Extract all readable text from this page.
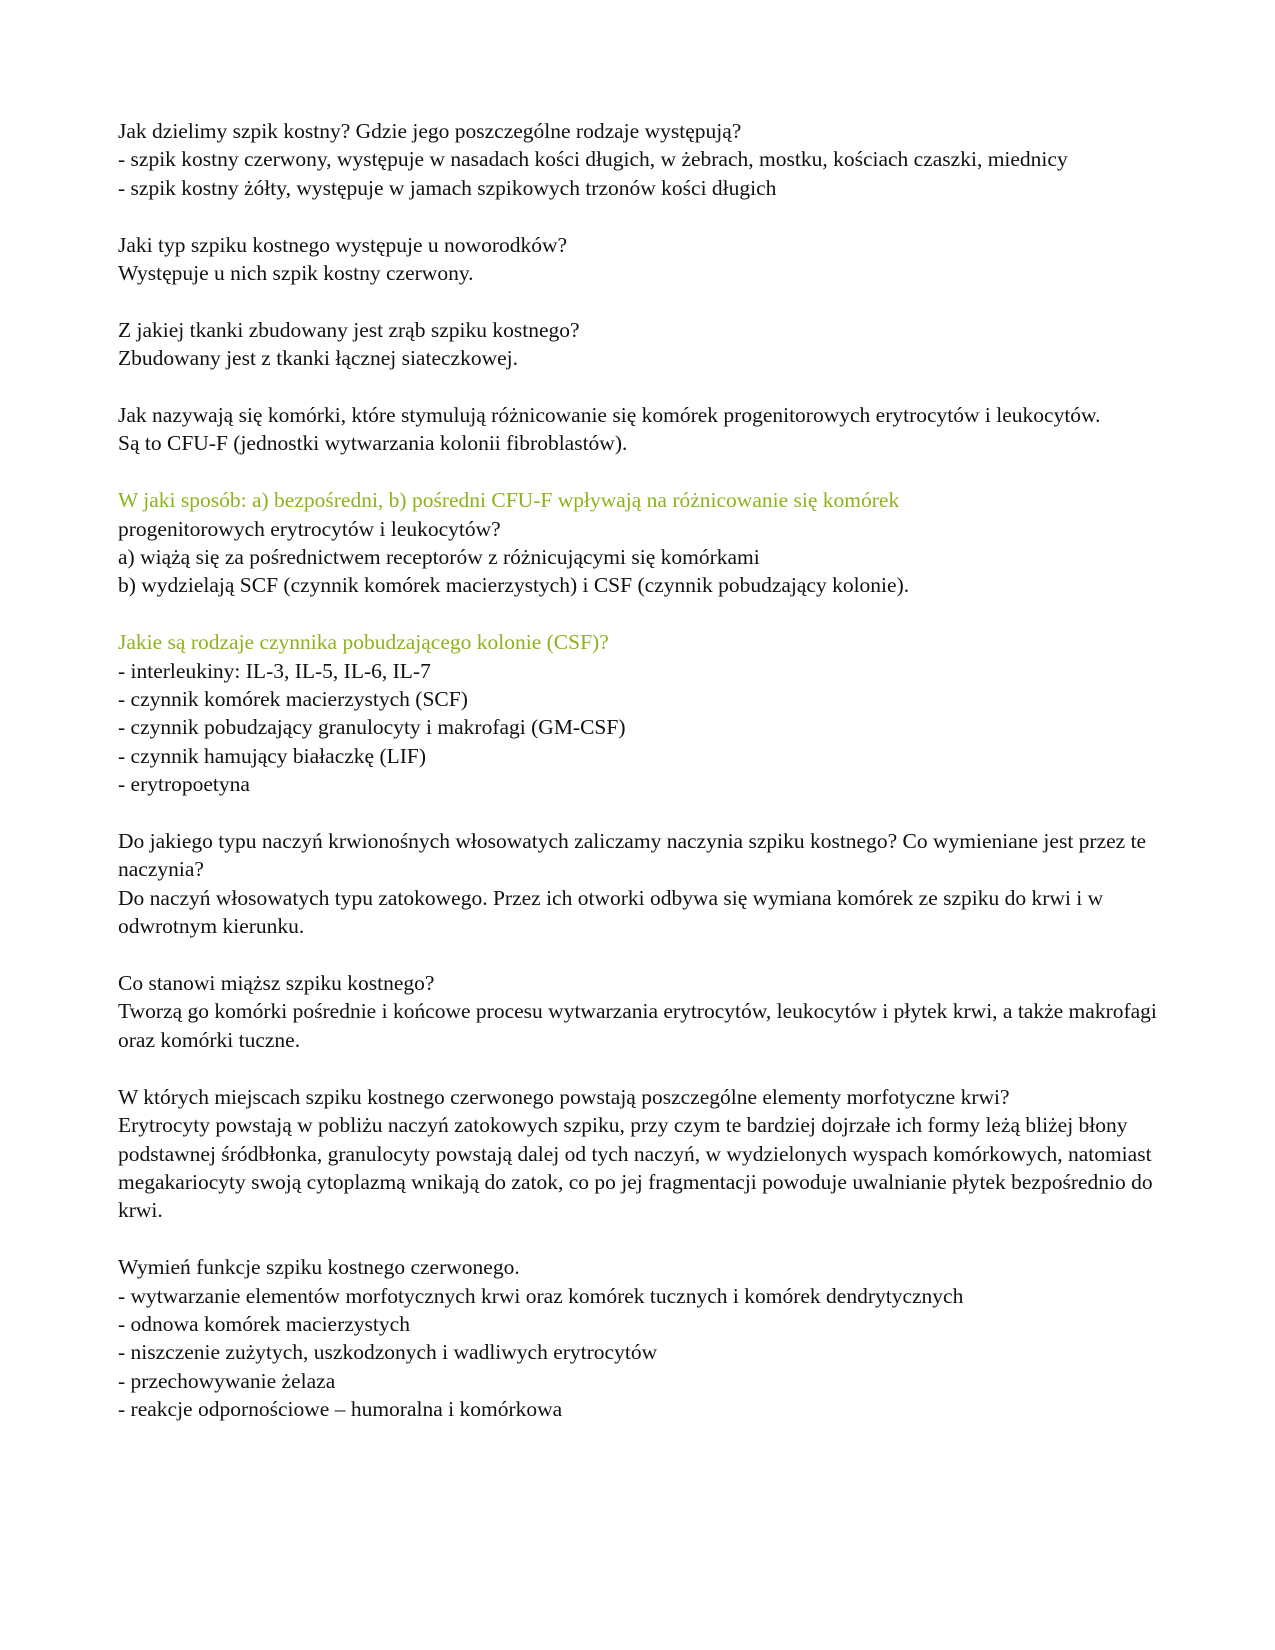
Jak dzielimy szpik kostny? Gdzie jego poszczególne rodzaje występują?
- szpik kostny czerwony, występuje w nasadach kości długich, w żebrach, mostku, kościach czaszki, miednicy
- szpik kostny żółty, występuje w jamach szpikowych trzonów kości długich
Jaki typ szpiku kostnego występuje u noworodków?
Występuje u nich szpik kostny czerwony.
Z jakiej tkanki zbudowany jest zrąb szpiku kostnego?
Zbudowany jest z tkanki łącznej siateczkowej.
Jak nazywają się komórki, które stymulują różnicowanie się komórek progenitorowych erytrocytów i leukocytów.
Są to CFU-F (jednostki wytwarzania kolonii fibroblastów).
W jaki sposób: a) bezpośredni, b) pośredni CFU-F wpływają na różnicowanie się komórek
progenitorowych erytrocytów i leukocytów?
a) wiążą się za pośrednictwem receptorów z różnicującymi się komórkami
b) wydzielają SCF (czynnik komórek macierzystych) i CSF (czynnik pobudzający kolonie).
Jakie są rodzaje czynnika pobudzającego kolonie (CSF)?
- interleukiny: IL-3, IL-5, IL-6, IL-7
- czynnik komórek macierzystych (SCF)
- czynnik pobudzający granulocyty i makrofagi (GM-CSF)
- czynnik hamujący białaczkę (LIF)
- erytropoetyna
Do jakiego typu naczyń krwionośnych włosowatych zaliczamy naczynia szpiku kostnego? Co wymieniane jest przez te naczynia?
Do naczyń włosowatych typu zatokowego. Przez ich otworki odbywa się wymiana komórek ze szpiku do krwi i w odwrotnym kierunku.
Co stanowi miąższ szpiku kostnego?
Tworzą go komórki pośrednie i końcowe procesu wytwarzania erytrocytów, leukocytów i płytek krwi, a także makrofagi oraz komórki tuczne.
W których miejscach szpiku kostnego czerwonego powstają poszczególne elementy morfotyczne krwi?
Erytrocyty powstają w pobliżu naczyń zatokowych szpiku, przy czym te bardziej dojrzałe ich formy leżą bliżej błony podstawnej śródbłonka, granulocyty powstają dalej od tych naczyń, w wydzielonych wyspach komórkowych, natomiast megakariocyty swoją cytoplazmą wnikają do zatok, co po jej fragmentacji powoduje uwalnianie płytek bezpośrednio do krwi.
Wymień funkcje szpiku kostnego czerwonego.
- wytwarzanie elementów morfotycznych krwi oraz komórek tucznych i komórek dendrytycznych
- odnowa komórek macierzystych
- niszczenie zużytych, uszkodzonych i wadliwych erytrocytów
- przechowywanie żelaza
- reakcje odpornościowe – humoralna i komórkowa
